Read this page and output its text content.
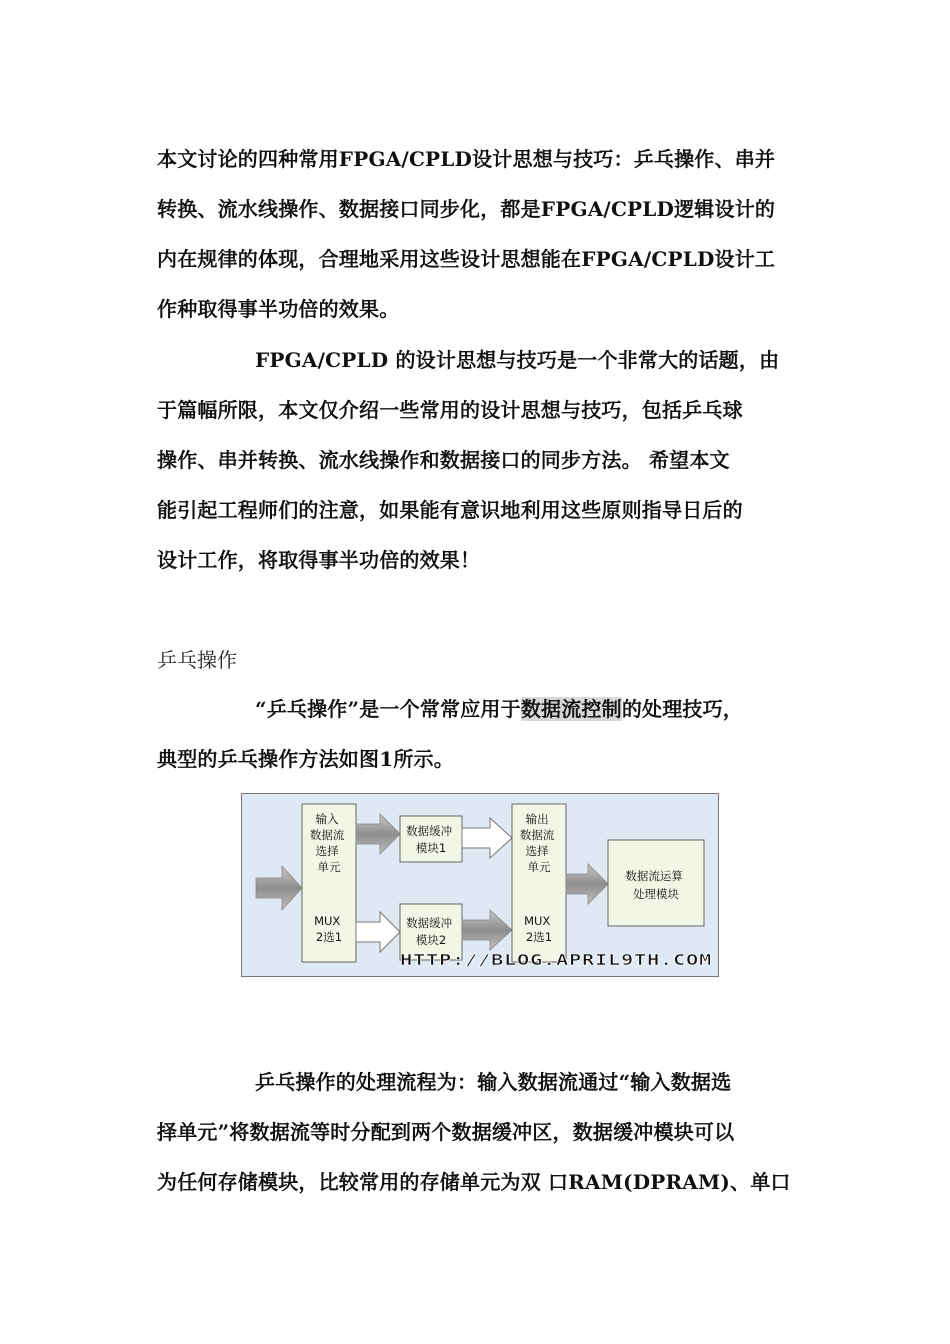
本文讨论的四种常用FPGA/CPLD设计思想与技巧：乒乓操作、串并
转换、流水线操作、数据接口同步化，都是FPGA/CPLD逻辑设计的
内在规律的体现，合理地采用这些设计思想能在FPGA/CPLD设计工
作种取得事半功倍的效果。
FPGA/CPLD 的设计思想与技巧是一个非常大的话题，由
于篇幅所限，本文仅介绍一些常用的设计思想与技巧，包括乒乓球
操作、串并转换、流水线操作和数据接口的同步方法。 希望本文
能引起工程师们的注意，如果能有意识地利用这些原则指导日后的
设计工作，将取得事半功倍的效果！
乒乓操作
“乒乓操作”是一个常常应用于数据流控制的处理技巧，
典型的乒乓操作方法如图1所示。
输入 数据流 选择 单元
MUX 2选1
数据缓冲 模块1
数据缓冲 模块2
输出 数据流 选择 单元
MUX 2选1
数据流运算 处理模块
HTTP://BLOG.APRIL9TH.COM
乒乓操作的处理流程为：输入数据流通过“输入数据选
择单元”将数据流等时分配到两个数据缓冲区，数据缓冲模块可以
为任何存储模块，比较常用的存储单元为双 口RAM(DPRAM)、单口
